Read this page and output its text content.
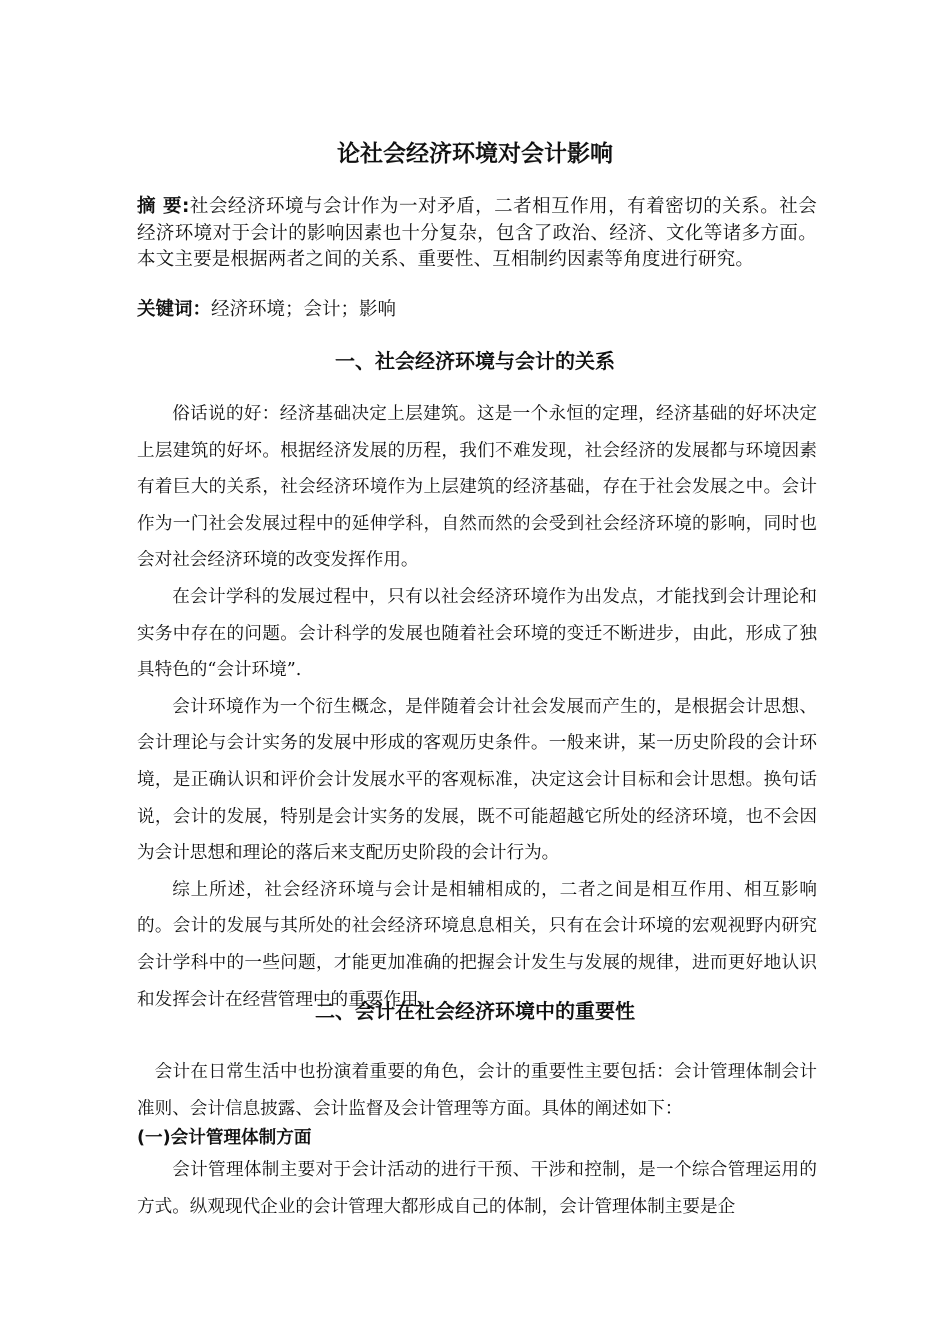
论社会经济环境对会计影响
摘 要:社会经济环境与会计作为一对矛盾，二者相互作用，有着密切的关系。社会经济环境对于会计的影响因素也十分复杂，包含了政治、经济、文化等诸多方面。本文主要是根据两者之间的关系、重要性、互相制约因素等角度进行研究。
关键词：经济环境；会计；影响
一、社会经济环境与会计的关系

俗话说的好：经济基础决定上层建筑。这是一个永恒的定理，经济基础的好坏决定上层建筑的好坏。根据经济发展的历程，我们不难发现，社会经济的发展都与环境因素有着巨大的关系，社会经济环境作为上层建筑的经济基础，存在于社会发展之中。会计作为一门社会发展过程中的延伸学科，自然而然的会受到社会经济环境的影响，同时也会对社会经济环境的改变发挥作用。

在会计学科的发展过程中，只有以社会经济环境作为出发点，才能找到会计理论和实务中存在的问题。会计科学的发展也随着社会环境的变迁不断进步，由此，形成了独具特色的“会计环境”.

会计环境作为一个衍生概念，是伴随着会计社会发展而产生的，是根据会计思想、会计理论与会计实务的发展中形成的客观历史条件。一般来讲，某一历史阶段的会计环境，是正确认识和评价会计发展水平的客观标准，决定这会计目标和会计思想。换句话说，会计的发展，特别是会计实务的发展，既不可能超越它所处的经济环境，也不会因为会计思想和理论的落后来支配历史阶段的会计行为。

综上所述，社会经济环境与会计是相辅相成的，二者之间是相互作用、相互影响的。会计的发展与其所处的社会经济环境息息相关，只有在会计环境的宏观视野内研究会计学科中的一些问题，才能更加准确的把握会计发生与发展的规律，进而更好地认识和发挥会计在经营管理中的重要作用。

二、会计在社会经济环境中的重要性

会计在日常生活中也扮演着重要的角色，会计的重要性主要包括：会计管理体制会计准则、会计信息披露、会计监督及会计管理等方面。具体的阐述如下：

(一)会计管理体制方面

会计管理体制主要对于会计活动的进行干预、干涉和控制，是一个综合管理运用的方式。纵观现代企业的会计管理大都形成自己的体制，会计管理体制主要是企
